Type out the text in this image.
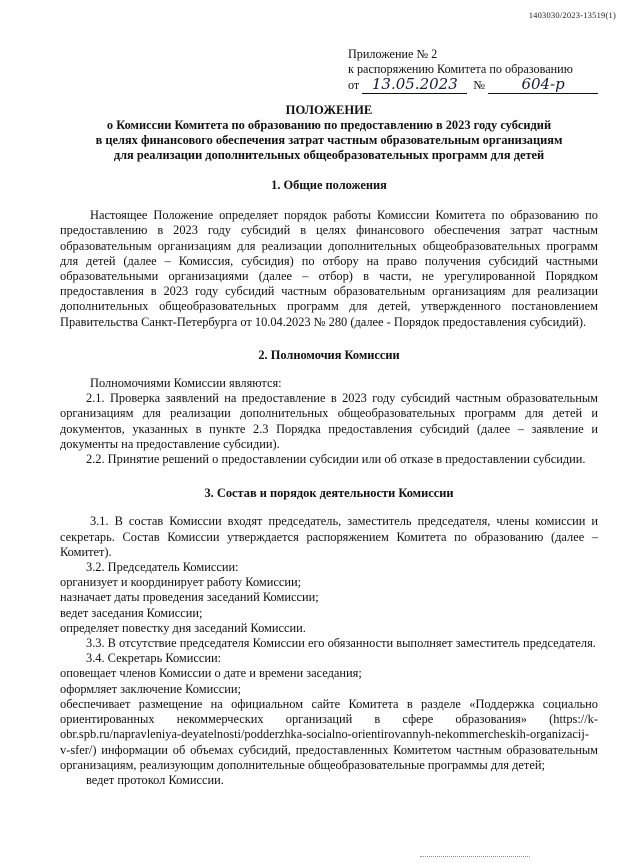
1403030/2023-13519(1)
Приложение № 2
к распоряжению Комитета по образованию
от 13.05.2023 № 604-р
ПОЛОЖЕНИЕ
о Комиссии Комитета по образованию по предоставлению в 2023 году субсидий
в целях финансового обеспечения затрат частным образовательным организациям
для реализации дополнительных общеобразовательных программ для детей
1. Общие положения

Настоящее Положение определяет порядок работы Комиссии Комитета по образованию по предоставлению в 2023 году субсидий в целях финансового обеспечения затрат частным образовательным организациям для реализации дополнительных общеобразовательных программ для детей (далее – Комиссия, субсидия) по отбору на право получения субсидий частными образовательными организациями (далее – отбор) в части, не урегулированной Порядком предоставления в 2023 году субсидий частным образовательным организациям для реализации дополнительных общеобразовательных программ для детей, утвержденного постановлением Правительства Санкт-Петербурга от 10.04.2023 № 280 (далее - Порядок предоставления субсидий).

2. Полномочия Комиссии

Полномочиями Комиссии являются:

2.1. Проверка заявлений на предоставление в 2023 году субсидий частным образовательным организациям для реализации дополнительных общеобразовательных программ для детей и документов, указанных в пункте 2.3 Порядка предоставления субсидий (далее – заявление и документы на предоставление субсидии).

2.2. Принятие решений о предоставлении субсидии или об отказе в предоставлении субсидии.

3. Состав и порядок деятельности Комиссии

3.1. В состав Комиссии входят председатель, заместитель председателя, члены комиссии и секретарь. Состав Комиссии утверждается распоряжением Комитета по образованию (далее – Комитет).

3.2. Председатель Комиссии:

организует и координирует работу Комиссии;

назначает даты проведения заседаний Комиссии;

ведет заседания Комиссии;

определяет повестку дня заседаний Комиссии.

3.3. В отсутствие председателя Комиссии его обязанности выполняет заместитель председателя.

3.4. Секретарь Комиссии:

оповещает членов Комиссии о дате и времени заседания;

оформляет заключение Комиссии;

обеспечивает размещение на официальном сайте Комитета в разделе «Поддержка социально ориентированных некоммерческих организаций в сфере образования» (https://k-obr.spb.ru/napravleniya-deyatelnosti/podderzhka-socialno-orientirovannyh-nekommercheskih-organizacij-v-sfer/) информации об объемах субсидий, предоставленных Комитетом частным образовательным организациям, реализующим дополнительные общеобразовательные программы для детей;

ведет протокол Комиссии.
